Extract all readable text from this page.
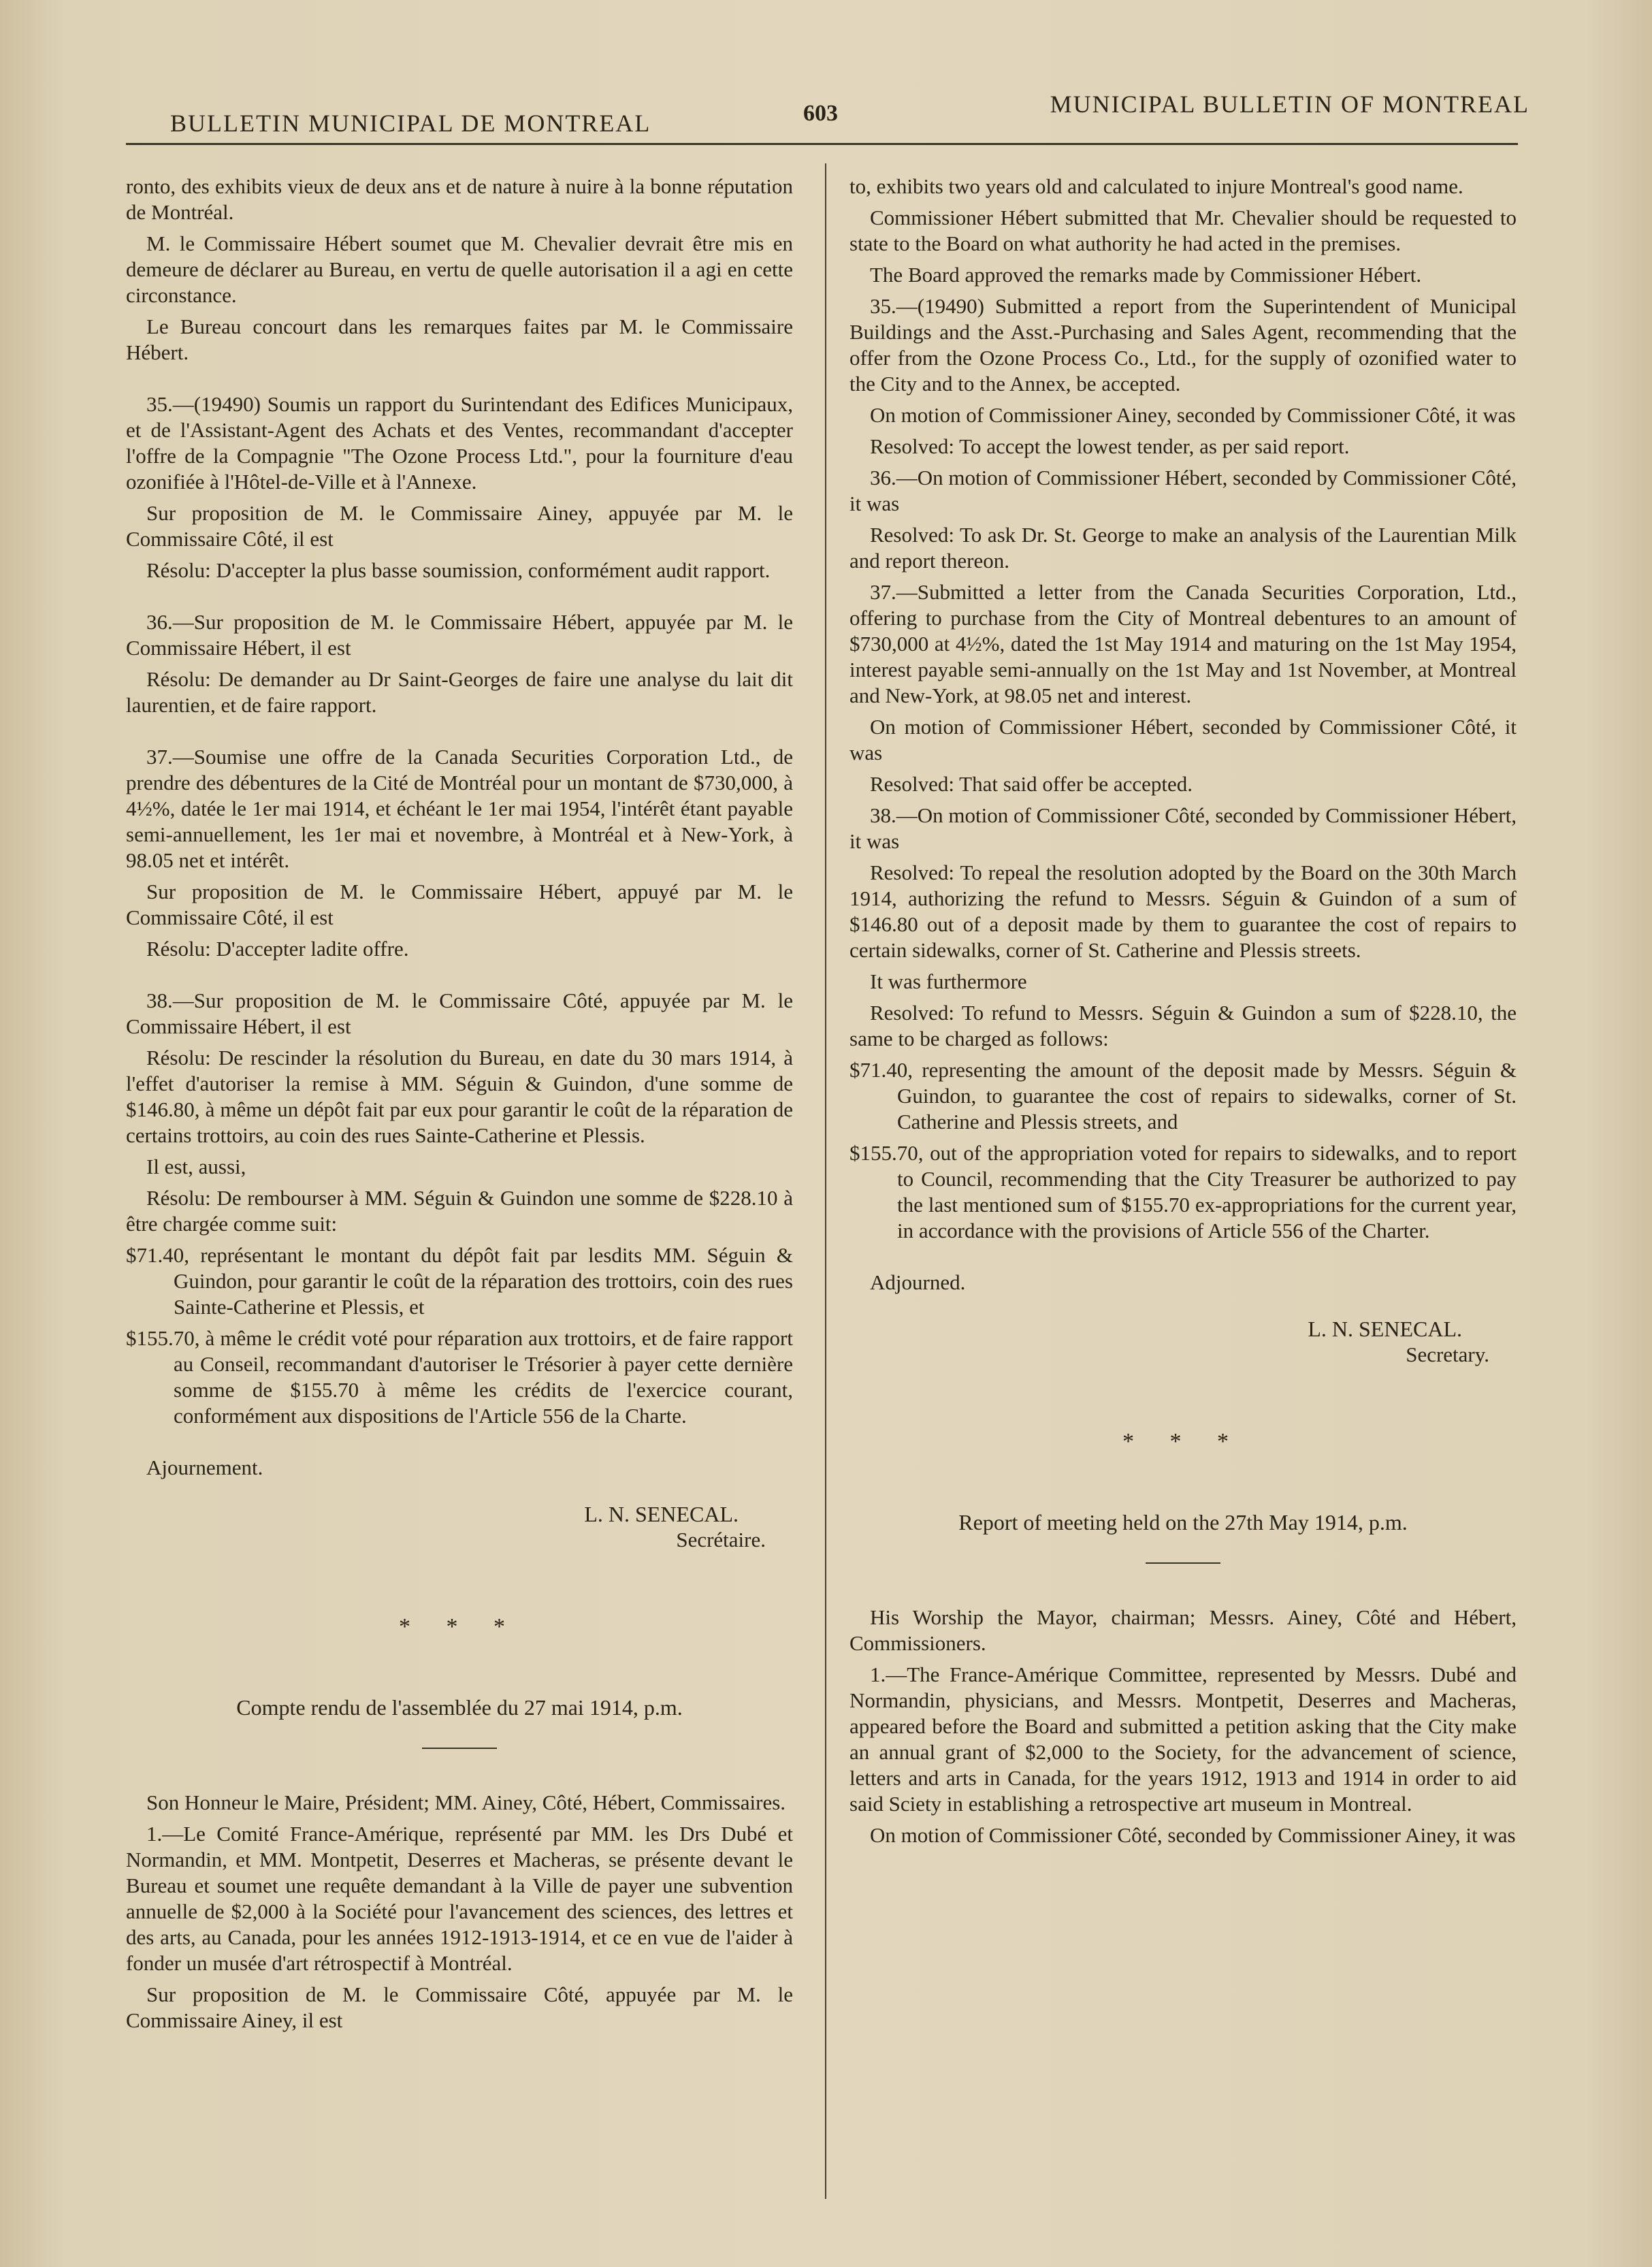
BULLETIN MUNICIPAL DE MONTREAL	603	MUNICIPAL BULLETIN OF MONTREAL

ronto, des exhibits vieux de deux ans et de nature à nuire à la bonne réputation de Montréal.

M. le Commissaire Hébert soumet que M. Chevalier devrait être mis en demeure de déclarer au Bureau, en vertu de quelle autorisation il a agi en cette circonstance.

Le Bureau concourt dans les remarques faites par M. le Commissaire Hébert.

35.—(19490) Soumis un rapport du Surintendant des Edifices Municipaux, et de l'Assistant-Agent des Achats et des Ventes, recommandant d'accepter l'offre de la Compagnie "The Ozone Process Ltd.", pour la fourniture d'eau ozonifiée à l'Hôtel-de-Ville et à l'Annexe.

Sur proposition de M. le Commissaire Ainey, appuyée par M. le Commissaire Côté, il est

Résolu: D'accepter la plus basse soumission, conformément audit rapport.

36.—Sur proposition de M. le Commissaire Hébert, appuyée par M. le Commissaire Hébert, il est

Résolu: De demander au Dr Saint-Georges de faire une analyse du lait dit laurentien, et de faire rapport.

37.—Soumise une offre de la Canada Securities Corporation Ltd., de prendre des débentures de la Cité de Montréal pour un montant de $730,000, à 4½%, datée le 1er mai 1914, et échéant le 1er mai 1954, l'intérêt étant payable semi-annuellement, les 1er mai et novembre, à Montréal et à New-York, à 98.05 net et intérêt.

Sur proposition de M. le Commissaire Hébert, appuyé par M. le Commissaire Côté, il est

Résolu: D'accepter ladite offre.

38.—Sur proposition de M. le Commissaire Côté, appuyée par M. le Commissaire Hébert, il est

Résolu: De rescinder la résolution du Bureau, en date du 30 mars 1914, à l'effet d'autoriser la remise à MM. Séguin & Guindon, d'une somme de $146.80, à même un dépôt fait par eux pour garantir le coût de la réparation de certains trottoirs, au coin des rues Sainte-Catherine et Plessis.

Il est, aussi,

Résolu: De rembourser à MM. Séguin & Guindon une somme de $228.10 à être chargée comme suit:

$71.40, représentant le montant du dépôt fait par lesdits MM. Séguin & Guindon, pour garantir le coût de la réparation des trottoirs, coin des rues Sainte-Catherine et Plessis, et

$155.70, à même le crédit voté pour réparation aux trottoirs, et de faire rapport au Conseil, recommandant d'autoriser le Trésorier à payer cette dernière somme de $155.70 à même les crédits de l'exercice courant, conformément aux dispositions de l'Article 556 de la Charte.

Ajournement.

L. N. SENECAL.
Secrétaire.
* * *
Compte rendu de l'assemblée du 27 mai 1914, p.m.

Son Honneur le Maire, Président; MM. Ainey, Côté, Hébert, Commissaires.

1.—Le Comité France-Amérique, représenté par MM. les Drs Dubé et Normandin, et MM. Montpetit, Deserres et Macheras, se présente devant le Bureau et soumet une requête demandant à la Ville de payer une subvention annuelle de $2,000 à la Société pour l'avancement des sciences, des lettres et des arts, au Canada, pour les années 1912-1913-1914, et ce en vue de l'aider à fonder un musée d'art rétrospectif à Montréal.

Sur proposition de M. le Commissaire Côté, appuyée par M. le Commissaire Ainey, il est

to, exhibits two years old and calculated to injure Montreal's good name.

Commissioner Hébert submitted that Mr. Chevalier should be requested to state to the Board on what authority he had acted in the premises.

The Board approved the remarks made by Commissioner Hébert.

35.—(19490) Submitted a report from the Superintendent of Municipal Buildings and the Asst.-Purchasing and Sales Agent, recommending that the offer from the Ozone Process Co., Ltd., for the supply of ozonified water to the City and to the Annex, be accepted.

On motion of Commissioner Ainey, seconded by Commissioner Côté, it was

Resolved: To accept the lowest tender, as per said report.

36.—On motion of Commissioner Hébert, seconded by Commissioner Côté, it was

Resolved: To ask Dr. St. George to make an analysis of the Laurentian Milk and report thereon.

37.—Submitted a letter from the Canada Securities Corporation, Ltd., offering to purchase from the City of Montreal debentures to an amount of $730,000 at 4½%, dated the 1st May 1914 and maturing on the 1st May 1954, interest payable semi-annually on the 1st May and 1st November, at Montreal and New-York, at 98.05 net and interest.

On motion of Commissioner Hébert, seconded by Commissioner Côté, it was

Resolved: That said offer be accepted.

38.—On motion of Commissioner Côté, seconded by Commissioner Hébert, it was

Resolved: To repeal the resolution adopted by the Board on the 30th March 1914, authorizing the refund to Messrs. Séguin & Guindon of a sum of $146.80 out of a deposit made by them to guarantee the cost of repairs to certain sidewalks, corner of St. Catherine and Plessis streets.

It was furthermore

Resolved: To refund to Messrs. Séguin & Guindon a sum of $228.10, the same to be charged as follows:

$71.40, representing the amount of the deposit made by Messrs. Séguin & Guindon, to guarantee the cost of repairs to sidewalks, corner of St. Catherine and Plessis streets, and

$155.70, out of the appropriation voted for repairs to sidewalks, and to report to Council, recommending that the City Treasurer be authorized to pay the last mentioned sum of $155.70 ex-appropriations for the current year, in accordance with the provisions of Article 556 of the Charter.

Adjourned.

L. N. SENECAL.
Secretary.
* * *
Report of meeting held on the 27th May 1914, p.m.

His Worship the Mayor, chairman; Messrs. Ainey, Côté and Hébert, Commissioners.

1.—The France-Amérique Committee, represented by Messrs. Dubé and Normandin, physicians, and Messrs. Montpetit, Deserres and Macheras, appeared before the Board and submitted a petition asking that the City make an annual grant of $2,000 to the Society, for the advancement of science, letters and arts in Canada, for the years 1912, 1913 and 1914 in order to aid said Sciety in establishing a retrospective art museum in Montreal.

On motion of Commissioner Côté, seconded by Commissioner Ainey, it was
